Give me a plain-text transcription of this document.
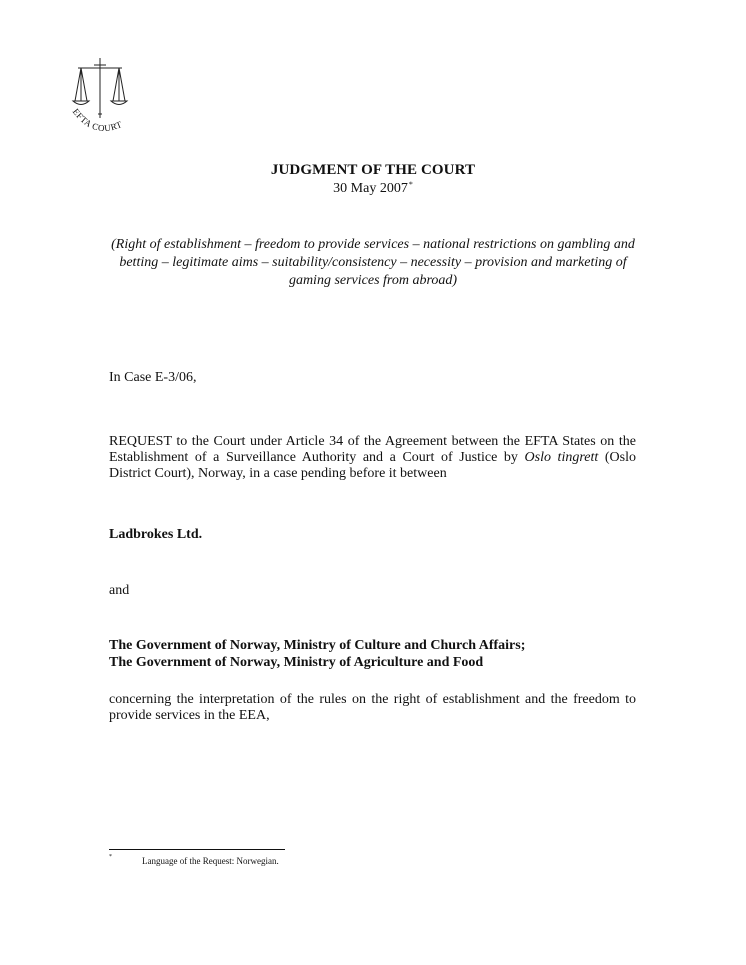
EFTA COURT
JUDGMENT OF THE COURT
30 May 2007*
(Right of establishment – freedom to provide services – national restrictions on gambling and betting – legitimate aims – suitability/consistency – necessity – provision and marketing of gaming services from abroad)
In Case E-3/06,
REQUEST to the Court under Article 34 of the Agreement between the EFTA States on the Establishment of a Surveillance Authority and a Court of Justice by Oslo tingrett (Oslo District Court), Norway, in a case pending before it between
Ladbrokes Ltd.
and
The Government of Norway, Ministry of Culture and Church Affairs;
The Government of Norway, Ministry of Agriculture and Food
concerning the interpretation of the rules on the right of establishment and the freedom to provide services in the EEA,
*	Language of the Request: Norwegian.
